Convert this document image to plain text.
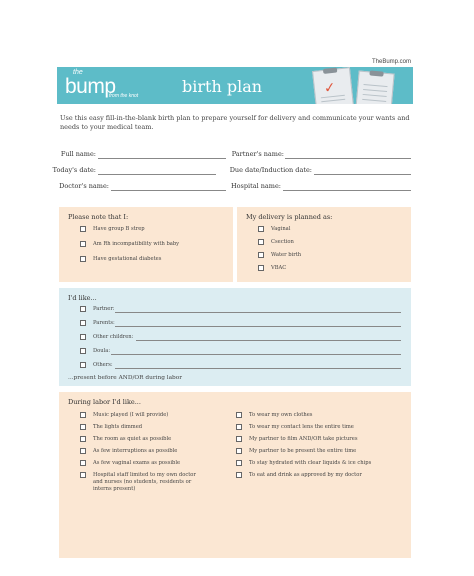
TheBump.com
the
bump
from the knot	birth plan	✓
Use this easy fill-in-the-blank birth plan to prepare yourself for delivery and communicate your wants and needs to your medical team.
Full name:	Partner's name:
Today's date:	Due date/Induction date:
Doctor's name:	Hospital name:
Please note that I:
Have group B strep
Am Rh incompatibility with baby
Have gestational diabetes
My delivery is planned as:
Vaginal
Csection
Water birth
VBAC
I'd like...
Partner:
Parents:
Other children:
Doula:
Others:
...present before AND/OR during labor
During labor I'd like...
Music played (I will provide)
The lights dimmed
The room as quiet as possible
As few interruptions as possible
As few vaginal exams as possible
Hospital staff limited to my own doctor
and nurses (no students, residents or
interns present)
To wear my own clothes
To wear my contact lens the entire time
My partner to film AND/OR take pictures
My partner to be present the entire time
To stay hydrated with clear liquids & ice chips
To eat and drink as approved by my doctor
